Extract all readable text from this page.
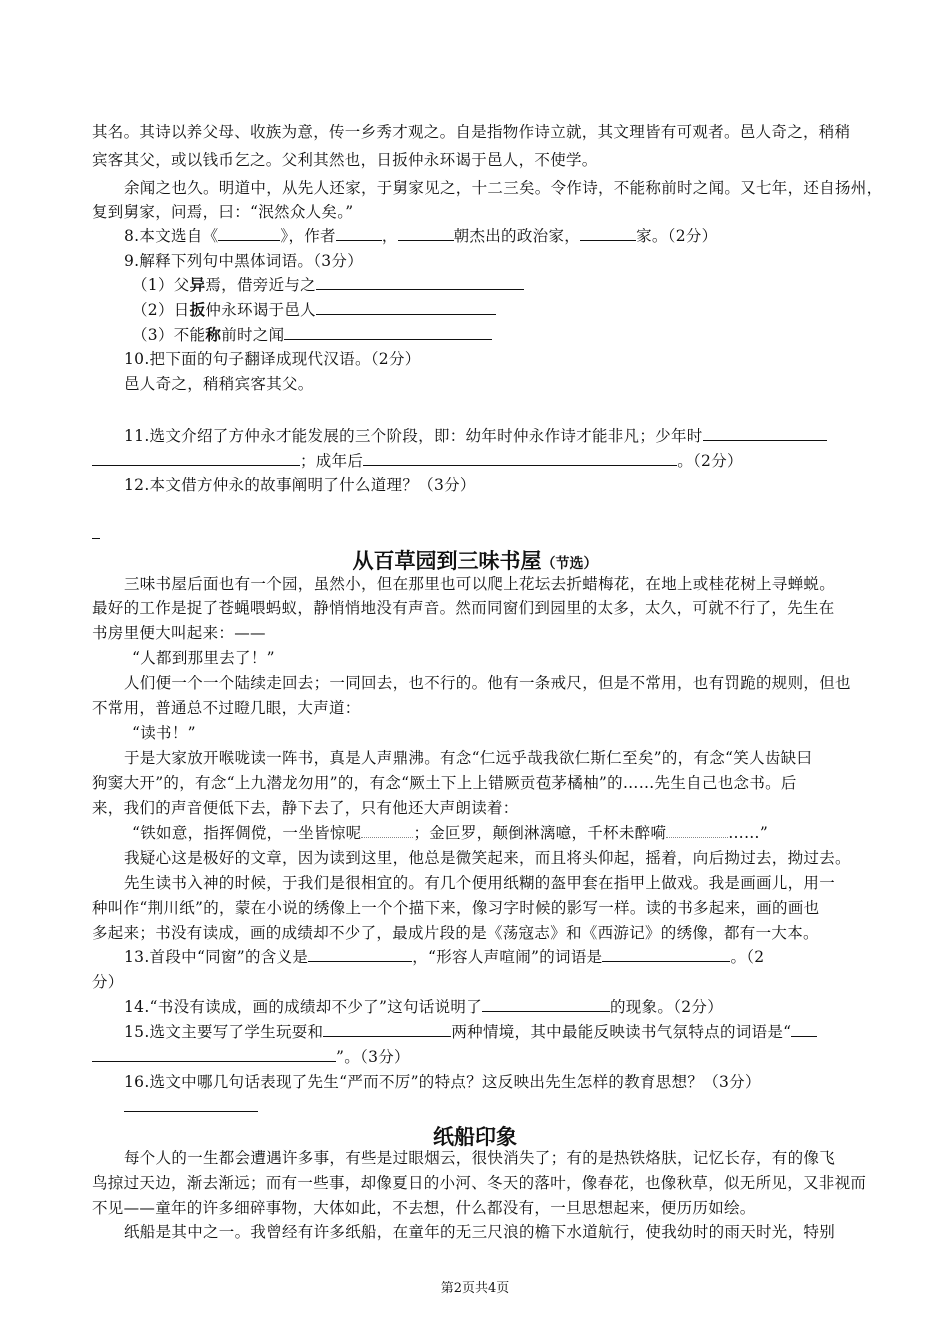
其名。其诗以养父母、收族为意，传一乡秀才观之。自是指物作诗立就，其文理皆有可观者。邑人奇之，稍稍
宾客其父，或以钱币乞之。父利其然也，日扳仲永环谒于邑人，不使学。
余闻之也久。明道中，从先人还家，于舅家见之，十二三矣。令作诗，不能称前时之闻。又七年，还自扬州，
复到舅家，问焉，曰：“泯然众人矣。”
8.本文选自《	》，作者	，	朝杰出的政治家，	家。（2分）
9.解释下列句中黑体词语。（3分）
（1）父异焉，借旁近与之
（2）日扳仲永环谒于邑人
（3）不能称前时之闻
10.把下面的句子翻译成现代汉语。（2分）
邑人奇之，稍稍宾客其父。
11.选文介绍了方仲永才能发展的三个阶段，即：幼年时仲永作诗才能非凡；少年时
；成年后	。（2分）
12.本文借方仲永的故事阐明了什么道理？（3分）
从百草园到三味书屋（节选）
三味书屋后面也有一个园，虽然小，但在那里也可以爬上花坛去折蜡梅花，在地上或桂花树上寻蝉蜕。
最好的工作是捉了苍蝇喂蚂蚁，静悄悄地没有声音。然而同窗们到园里的太多，太久，可就不行了，先生在
书房里便大叫起来：——
“人都到那里去了！”
人们便一个一个陆续走回去；一同回去，也不行的。他有一条戒尺，但是不常用，也有罚跪的规则，但也
不常用，普通总不过瞪几眼，大声道：
“读书！”
于是大家放开喉咙读一阵书，真是人声鼎沸。有念“仁远乎哉我欲仁斯仁至矣”的，有念“笑人齿缺曰
狗窦大开”的，有念“上九潜龙勿用”的，有念“厥土下上上错厥贡苞茅橘柚”的……先生自己也念书。后
来，我们的声音便低下去，静下去了，只有他还大声朗读着：
“铁如意，指挥倜傥，一坐皆惊呢	；金叵罗，颠倒淋漓噫，千杯未醉嗬	……”
我疑心这是极好的文章，因为读到这里，他总是微笑起来，而且将头仰起，摇着，向后拗过去，拗过去。
先生读书入神的时候，于我们是很相宜的。有几个便用纸糊的盔甲套在指甲上做戏。我是画画儿，用一
种叫作“荆川纸”的，蒙在小说的绣像上一个个描下来，像习字时候的影写一样。读的书多起来，画的画也
多起来；书没有读成，画的成绩却不少了，最成片段的是《荡寇志》和《西游记》的绣像，都有一大本。
13.首段中“同窗”的含义是	，“形容人声喧闹”的词语是	。（2
分）
14.“书没有读成，画的成绩却不少了”这句话说明了	的现象。（2分）
15.选文主要写了学生玩耍和	两种情境，其中最能反映读书气氛特点的词语是“
”。（3分）
16.选文中哪几句话表现了先生“严而不厉”的特点？这反映出先生怎样的教育思想？（3分）
纸船印象
每个人的一生都会遭遇许多事，有些是过眼烟云，很快消失了；有的是热铁烙肤，记忆长存，有的像飞
鸟掠过天边，渐去渐远；而有一些事，却像夏日的小河、冬天的落叶，像春花，也像秋草，似无所见，又非视而
不见——童年的许多细碎事物，大体如此，不去想，什么都没有，一旦思想起来，便历历如绘。
纸船是其中之一。我曾经有许多纸船，在童年的无三尺浪的檐下水道航行，使我幼时的雨天时光，特别
第2页共4页
